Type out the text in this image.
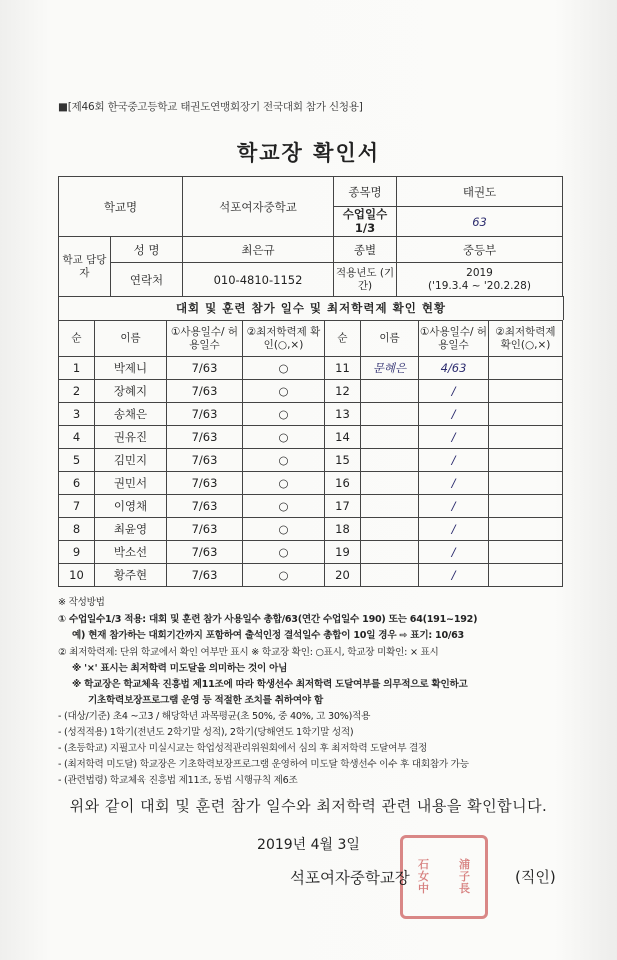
■[제46회 한국중고등학교 태권도연맹회장기 전국대회 참가 신청용]
학교장 확인서
학교명		석포여자중학교	종목명	태권도
			수업일수 1/3	63
학교 담당자	성 명	최은규	종별	중등부
	연락처	010-4810-1152	적용년도 (기간)	2019
('19.3.4 ~ '20.2.28)
대회 및 훈련 참가 일수 및 최저학력제 확인 현황
순	이름	①사용일수/ 허용일수	②최저학력제 확인(○,×)	순	이름	①사용일수/ 허용일수	②최저학력제 확인(○,×)
1	박제니	7/63	○	11	문혜은	4/63	
2	장혜지	7/63	○	12		/	
3	송채은	7/63	○	13		/	
4	권유진	7/63	○	14		/	
5	김민지	7/63	○	15		/	
6	권민서	7/63	○	16		/	
7	이영채	7/63	○	17		/	
8	최윤영	7/63	○	18		/	
9	박소선	7/63	○	19		/	
10	황주현	7/63	○	20		/	
※ 작성방법
① 수업일수1/3 적용: 대회 및 훈련 참가 사용일수 총합/63(연간 수업일수 190) 또는 64(191~192)
예) 현재 참가하는 대회기간까지 포함하여 출석인정 결석일수 총합이 10일 경우 ⇨ 표기: 10/63
② 최저학력제: 단위 학교에서 확인 여부만 표시 ※ 학교장 확인: ○표시, 학교장 미확인: × 표시
※ '×' 표시는 최저학력 미도달을 의미하는 것이 아님
※ 학교장은 학교체육 진흥법 제11조에 따라 학생선수 최저학력 도달여부를 의무적으로 확인하고
기초학력보장프로그램 운영 등 적절한 조치를 취하여야 함
- (대상/기준) 초4 ~고3 / 해당학년 과목평균(초 50%, 중 40%, 고 30%)적용
- (성적적용) 1학기(전년도 2학기말 성적), 2학기(당해연도 1학기말 성적)
- (초등학교) 지필고사 미실시교는 학업성적관리위원회에서 심의 후 최저학력 도달여부 결정
- (최저학력 미도달) 학교장은 기초학력보장프로그램 운영하여 미도달 학생선수 이수 후 대회참가 가능
- (관련법령) 학교체육 진흥법 제11조, 동법 시행규칙 제6조
위와 같이 대회 및 훈련 참가 일수와 최저학력 관련 내용을 확인합니다.
2019년 4월 3일
石	浦
女	子
中	長
석포여자중학교장	(직인)
